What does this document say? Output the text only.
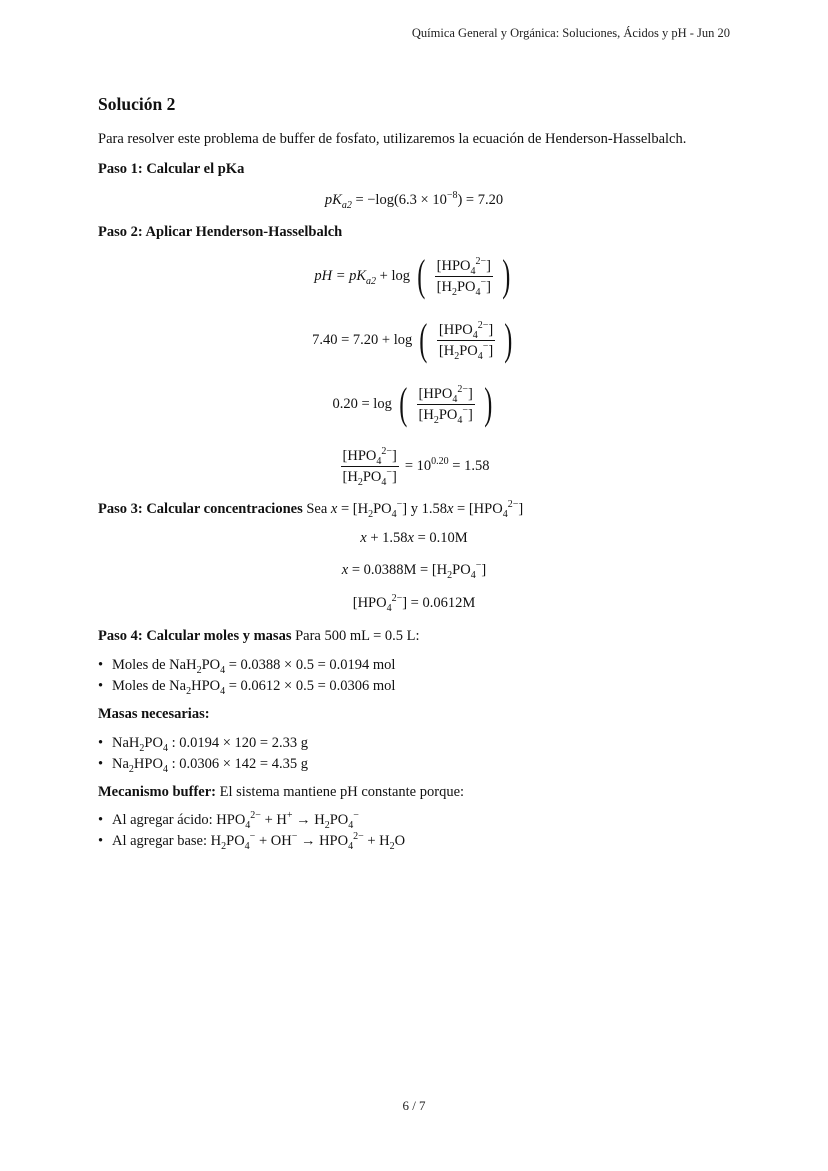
Química General y Orgánica: Soluciones, Ácidos y pH - Jun 20
Solución 2
Para resolver este problema de buffer de fosfato, utilizaremos la ecuación de Henderson-Hasselbalch.
Paso 1: Calcular el pKa
$pK_{a2} = -\log(6.3 \times 10^{-8}) = 7.20$
Paso 2: Aplicar Henderson-Hasselbalch
pH = $pK_{a2} + \log$ ( $\frac{[HPO_4^{2-}]}{[H_2PO_4^-]}$ )
7.40 = 7.20 + log ( $\frac{[HPO_4^{2-}]}{[H_2PO_4^-]}$ )
0.20 = log ( $\frac{[HPO_4^{2-}]}{[H_2PO_4^-]}$ )
$\frac{[HPO_4^{2-}]}{[H_2PO_4^-]} = 10^{0.20} = 1.58$
Paso 3: Calcular concentraciones Sea $x = [H_2PO_4^-]$ y $1.58x = [HPO_4^{2-}]$
x + 1.58x = 0.10M
$x = 0.0388M = [H_2PO_4^-]$
$[HPO_4^{2-}] = 0.0612M$
Paso 4: Calcular moles y masas Para 500 mL = 0.5 L:
• Moles de $NaH_2PO_4 = 0.0388 \times 0.5 = 0.0194$ mol
• Moles de $Na_2HPO_4 = 0.0612 \times 0.5 = 0.0306$ mol
Masas necesarias:
• $NaH_2PO_4$ : 0.0194 × 120 = 2.33 g
• $Na_2HPO_4$ : 0.0306 × 142 = 4.35 g
Mecanismo buffer: El sistema mantiene pH constante porque:
• Al agregar ácido: $HPO_4^{2-} + H^+ \to H_2PO_4^-$
• Al agregar base: $H_2PO_4^- + OH^- \to HPO_4^{2-} + H_2O$
6 / 7
